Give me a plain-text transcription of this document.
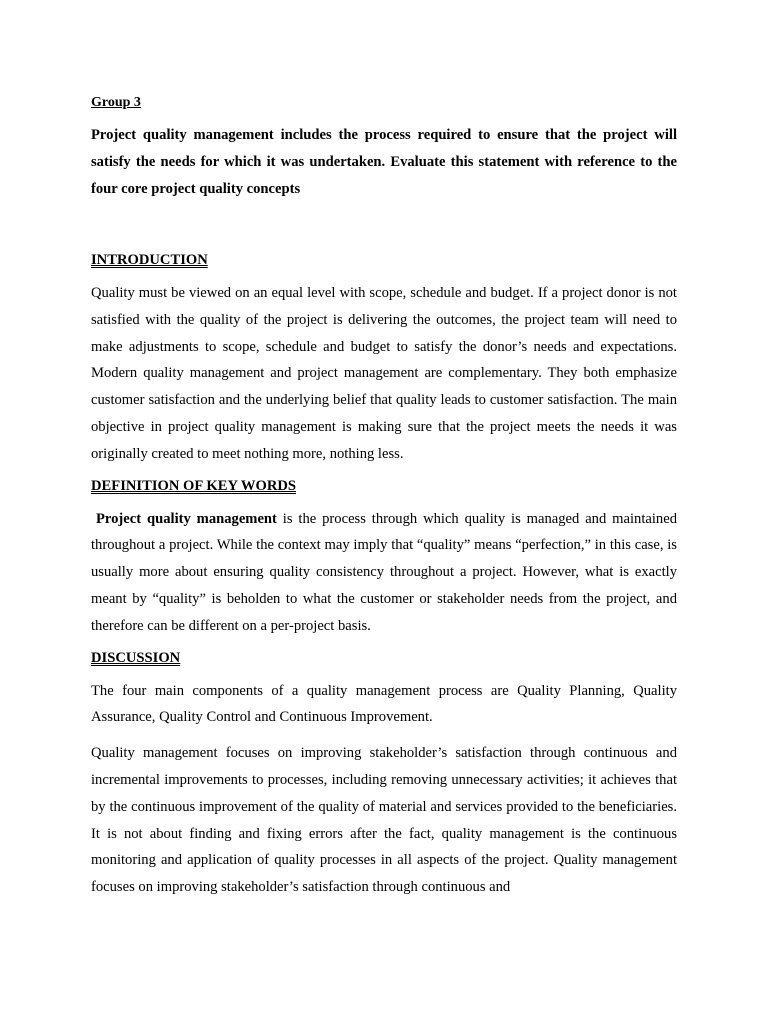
Group 3

Project quality management includes the process required to ensure that the project will satisfy the needs for which it was undertaken. Evaluate this statement with reference to the four core project quality concepts

INTRODUCTION

Quality must be viewed on an equal level with scope, schedule and budget. If a project donor is not satisfied with the quality of the project is delivering the outcomes, the project team will need to make adjustments to scope, schedule and budget to satisfy the donor’s needs and expectations. Modern quality management and project management are complementary. They both emphasize customer satisfaction and the underlying belief that quality leads to customer satisfaction. The main objective in project quality management is making sure that the project meets the needs it was originally created to meet nothing more, nothing less.

DEFINITION OF KEY WORDS

Project quality management is the process through which quality is managed and maintained throughout a project. While the context may imply that “quality” means “perfection,” in this case, is usually more about ensuring quality consistency throughout a project. However, what is exactly meant by “quality” is beholden to what the customer or stakeholder needs from the project, and therefore can be different on a per-project basis.

DISCUSSION

The four main components of a quality management process are Quality Planning, Quality Assurance, Quality Control and Continuous Improvement.

Quality management focuses on improving stakeholder’s satisfaction through continuous and incremental improvements to processes, including removing unnecessary activities; it achieves that by the continuous improvement of the quality of material and services provided to the beneficiaries. It is not about finding and fixing errors after the fact, quality management is the continuous monitoring and application of quality processes in all aspects of the project. Quality management focuses on improving stakeholder’s satisfaction through continuous and
